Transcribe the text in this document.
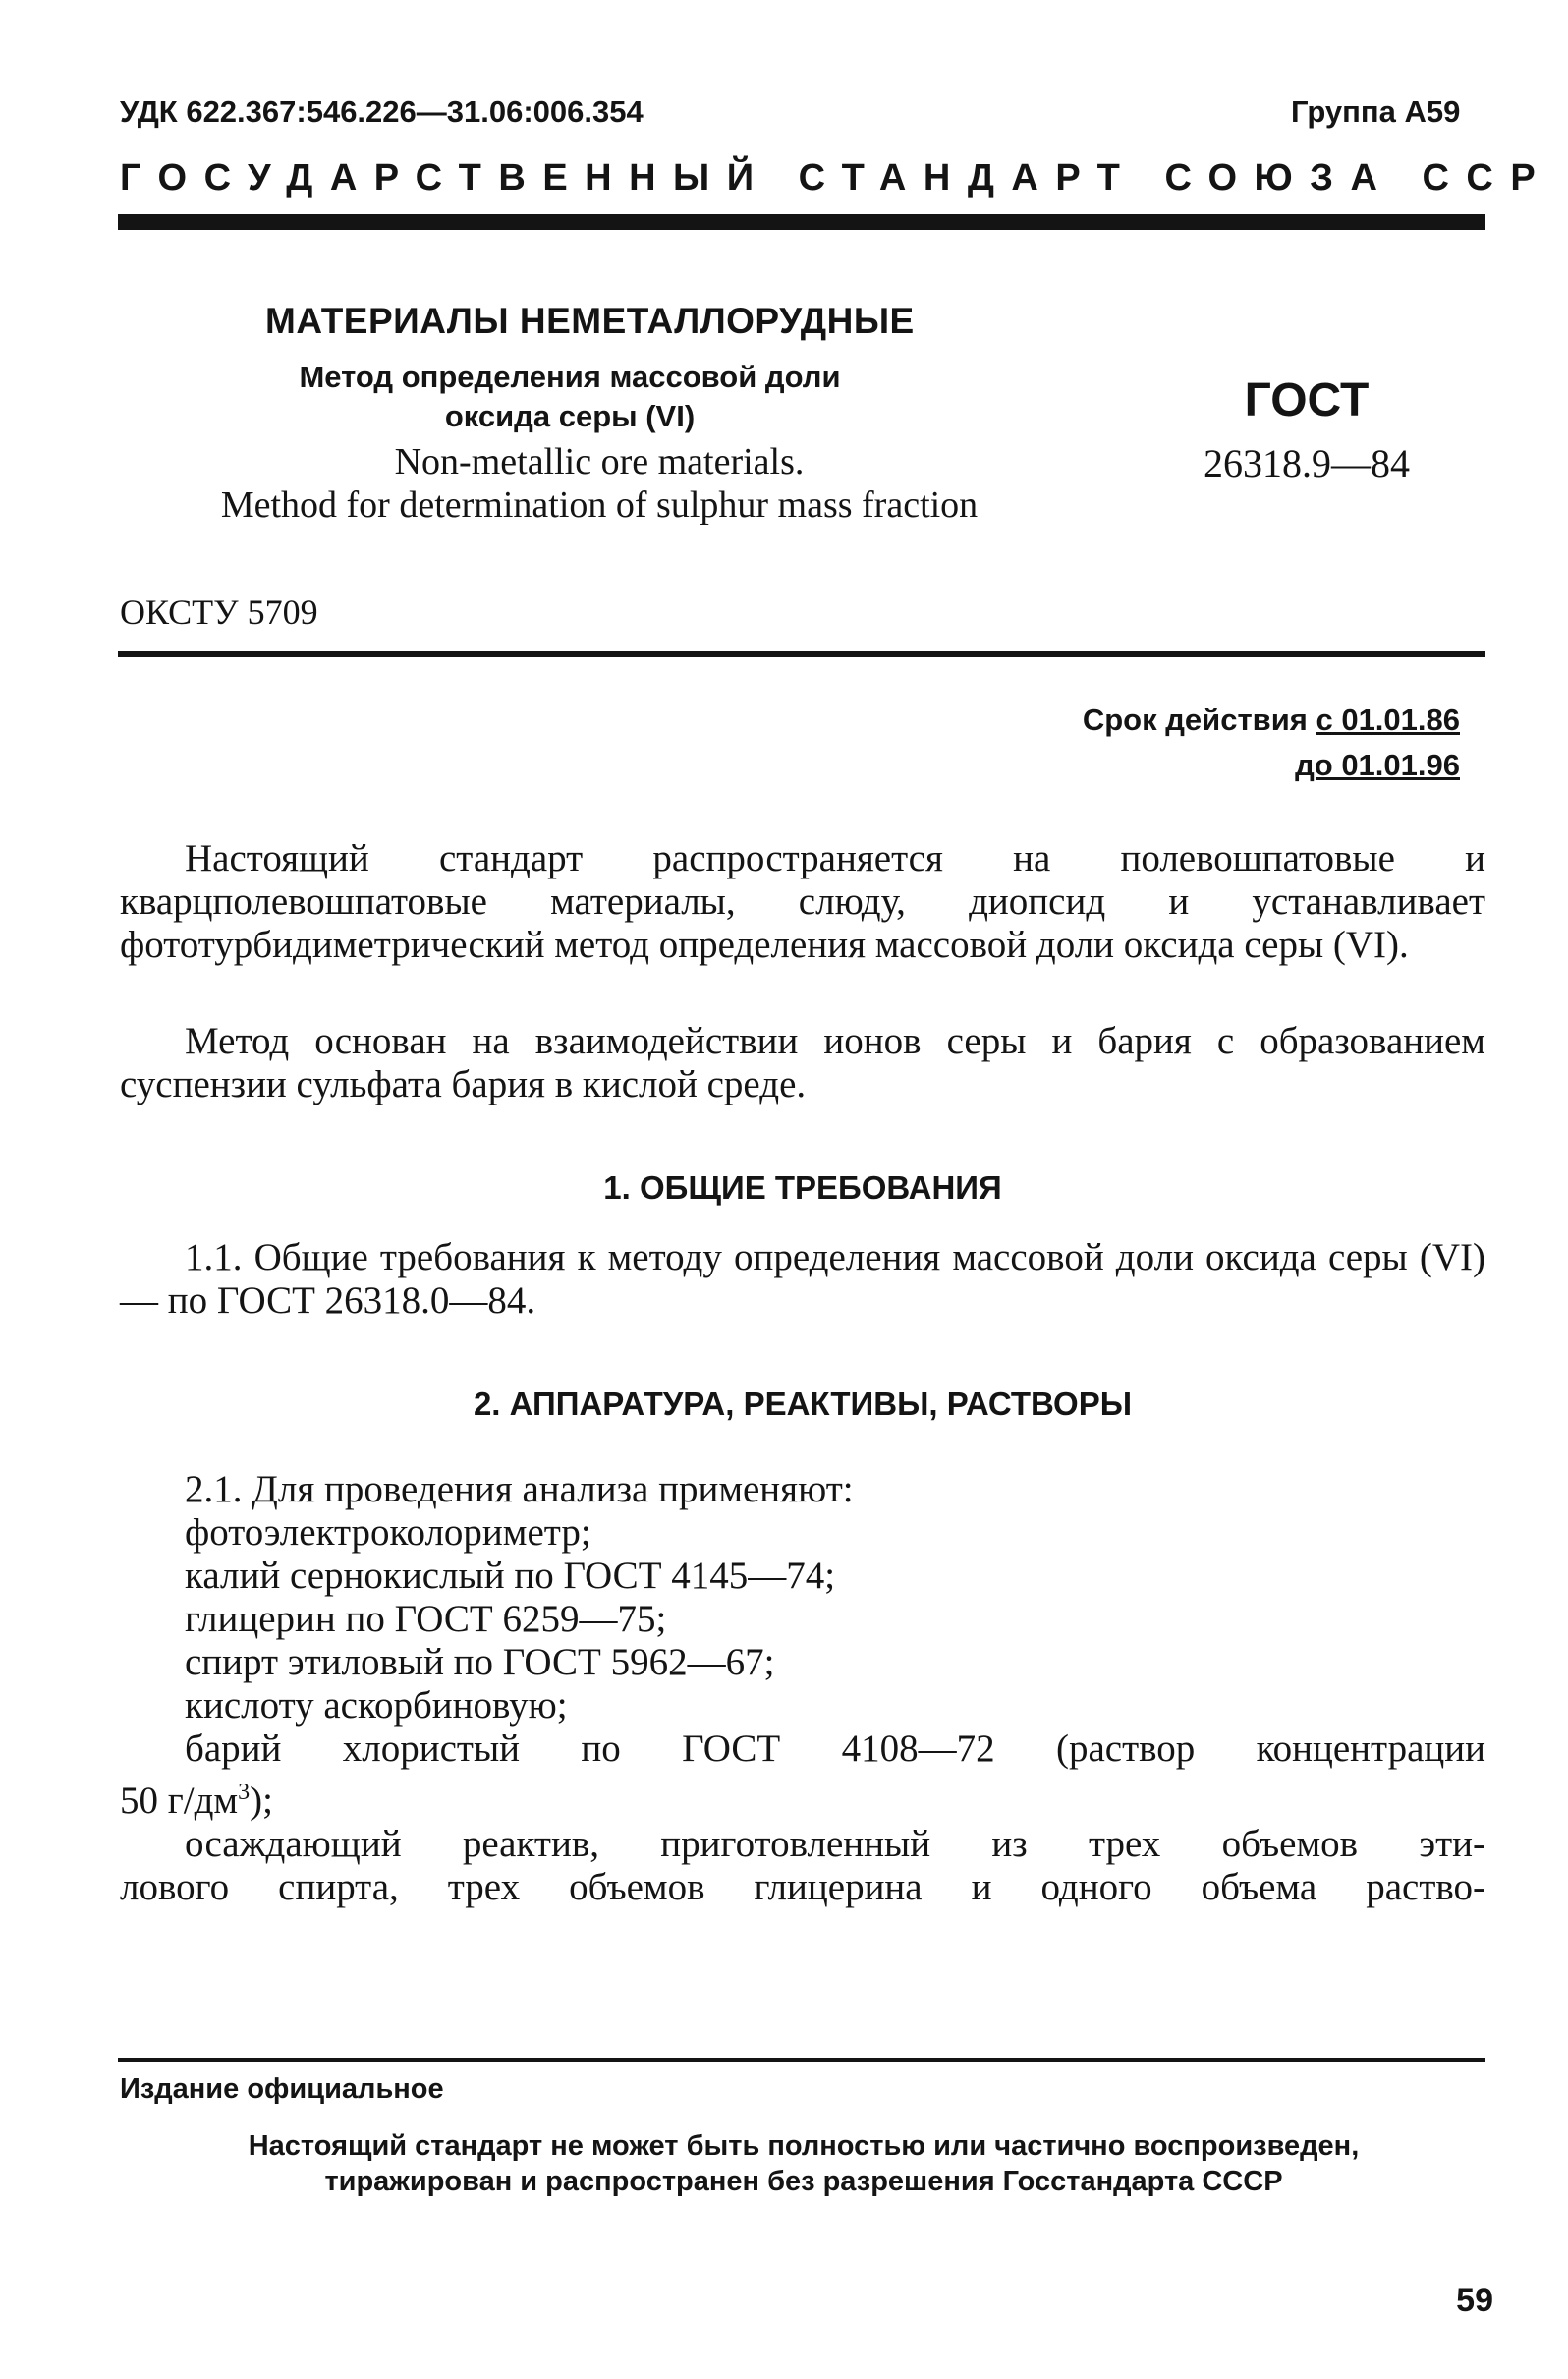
УДК 622.367:546.226—31.06:006.354	Группа А59
ГОСУДАРСТВЕННЫЙ СТАНДАРТ СОЮЗА ССР
МАТЕРИАЛЫ НЕМЕТАЛЛОРУДНЫЕ
Метод определения массовой доли
оксида серы (VI)
Non-metallic ore materials.
Method for determination of sulphur mass fraction
ГОСТ
26318.9—84
ОКСТУ 5709
Срок действия с 01.01.86
до 01.01.96

Настоящий стандарт распространяется на полевошпатовые и кварцполевошпатовые материалы, слюду, диопсид и устанавливает фототурбидиметрический метод определения массовой доли оксида серы (VI).

Метод основан на взаимодействии ионов серы и бария с образованием суспензии сульфата бария в кислой среде.

1. ОБЩИЕ ТРЕБОВАНИЯ

1.1. Общие требования к методу определения массовой доли оксида серы (VI) — по ГОСТ 26318.0—84.

2. АППАРАТУРА, РЕАКТИВЫ, РАСТВОРЫ

2.1. Для проведения анализа применяют:

фотоэлектроколориметр;

калий сернокислый по ГОСТ 4145—74;

глицерин по ГОСТ 6259—75;

спирт этиловый по ГОСТ 5962—67;

кислоту аскорбиновую;

барий хлористый по ГОСТ 4108—72 (раствор концентрации

50 $г/дм^3$);

осаждающий реактив, приготовленный из трех объемов эти-

лового спирта, трех объемов глицерина и одного объема раство-

Издание официальное
Настоящий стандарт не может быть полностью или частично воспроизведен,
тиражирован и распространен без разрешения Госстандарта СССР
59
